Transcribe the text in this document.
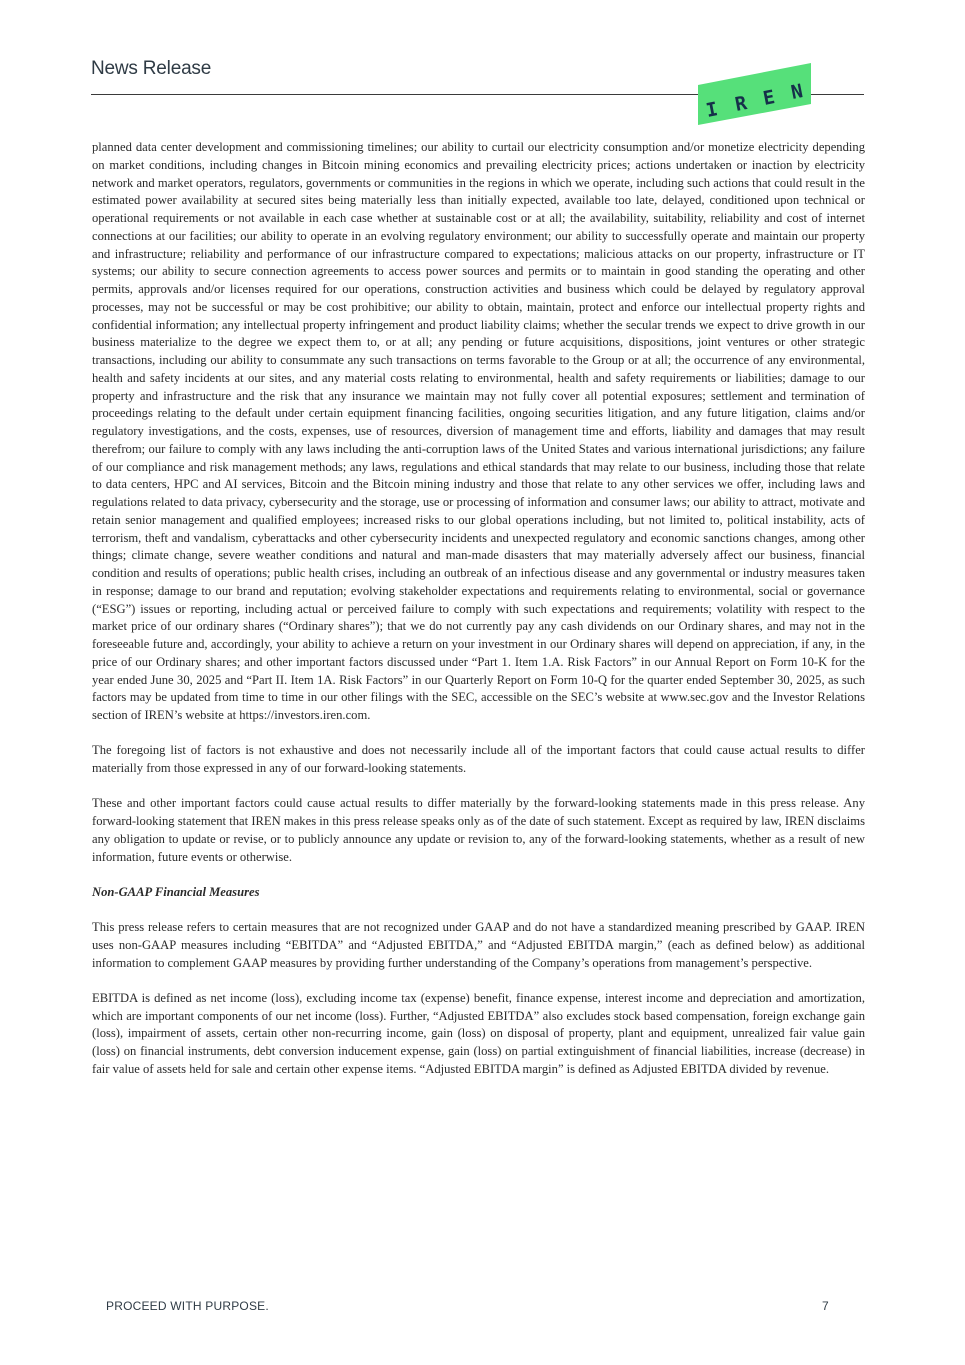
News Release
I R E N

planned data center development and commissioning timelines; our ability to curtail our electricity consumption and/or monetize electricity depending on market conditions, including changes in Bitcoin mining economics and prevailing electricity prices; actions undertaken or inaction by electricity network and market operators, regulators, governments or communities in the regions in which we operate, including such actions that could result in the estimated power availability at secured sites being materially less than initially expected, available too late, delayed, conditioned upon technical or operational requirements or not available in each case whether at sustainable cost or at all; the availability, suitability, reliability and cost of internet connections at our facilities; our ability to operate in an evolving regulatory environment; our ability to successfully operate and maintain our property and infrastructure; reliability and performance of our infrastructure compared to expectations; malicious attacks on our property, infrastructure or IT systems; our ability to secure connection agreements to access power sources and permits or to maintain in good standing the operating and other permits, approvals and/or licenses required for our operations, construction activities and business which could be delayed by regulatory approval processes, may not be successful or may be cost prohibitive; our ability to obtain, maintain, protect and enforce our intellectual property rights and confidential information; any intellectual property infringement and product liability claims; whether the secular trends we expect to drive growth in our business materialize to the degree we expect them to, or at all; any pending or future acquisitions, dispositions, joint ventures or other strategic transactions, including our ability to consummate any such transactions on terms favorable to the Group or at all; the occurrence of any environmental, health and safety incidents at our sites, and any material costs relating to environmental, health and safety requirements or liabilities; damage to our property and infrastructure and the risk that any insurance we maintain may not fully cover all potential exposures; settlement and termination of proceedings relating to the default under certain equipment financing facilities, ongoing securities litigation, and any future litigation, claims and/or regulatory investigations, and the costs, expenses, use of resources, diversion of management time and efforts, liability and damages that may result therefrom; our failure to comply with any laws including the anti-corruption laws of the United States and various international jurisdictions; any failure of our compliance and risk management methods; any laws, regulations and ethical standards that may relate to our business, including those that relate to data centers, HPC and AI services, Bitcoin and the Bitcoin mining industry and those that relate to any other services we offer, including laws and regulations related to data privacy, cybersecurity and the storage, use or processing of information and consumer laws; our ability to attract, motivate and retain senior management and qualified employees; increased risks to our global operations including, but not limited to, political instability, acts of terrorism, theft and vandalism, cyberattacks and other cybersecurity incidents and unexpected regulatory and economic sanctions changes, among other things; climate change, severe weather conditions and natural and man-made disasters that may materially adversely affect our business, financial condition and results of operations; public health crises, including an outbreak of an infectious disease and any governmental or industry measures taken in response; damage to our brand and reputation; evolving stakeholder expectations and requirements relating to environmental, social or governance (“ESG”) issues or reporting, including actual or perceived failure to comply with such expectations and requirements; volatility with respect to the market price of our ordinary shares (“Ordinary shares”); that we do not currently pay any cash dividends on our Ordinary shares, and may not in the foreseeable future and, accordingly, your ability to achieve a return on your investment in our Ordinary shares will depend on appreciation, if any, in the price of our Ordinary shares; and other important factors discussed under “Part 1. Item 1.A. Risk Factors” in our Annual Report on Form 10-K for the year ended June 30, 2025 and “Part II. Item 1A. Risk Factors” in our Quarterly Report on Form 10-Q for the quarter ended September 30, 2025, as such factors may be updated from time to time in our other filings with the SEC, accessible on the SEC’s website at www.sec.gov and the Investor Relations section of IREN’s website at https://investors.iren.com.

The foregoing list of factors is not exhaustive and does not necessarily include all of the important factors that could cause actual results to differ materially from those expressed in any of our forward-looking statements.

These and other important factors could cause actual results to differ materially by the forward-looking statements made in this press release. Any forward-looking statement that IREN makes in this press release speaks only as of the date of such statement. Except as required by law, IREN disclaims any obligation to update or revise, or to publicly announce any update or revision to, any of the forward-looking statements, whether as a result of new information, future events or otherwise.

Non-GAAP Financial Measures

This press release refers to certain measures that are not recognized under GAAP and do not have a standardized meaning prescribed by GAAP. IREN uses non-GAAP measures including “EBITDA” and “Adjusted EBITDA,” and “Adjusted EBITDA margin,” (each as defined below) as additional information to complement GAAP measures by providing further understanding of the Company’s operations from management’s perspective.

EBITDA is defined as net income (loss), excluding income tax (expense) benefit, finance expense, interest income and depreciation and amortization, which are important components of our net income (loss). Further, “Adjusted EBITDA” also excludes stock based compensation, foreign exchange gain (loss), impairment of assets, certain other non-recurring income, gain (loss) on disposal of property, plant and equipment, unrealized fair value gain (loss) on financial instruments, debt conversion inducement expense, gain (loss) on partial extinguishment of financial liabilities, increase (decrease) in fair value of assets held for sale and certain other expense items. “Adjusted EBITDA margin” is defined as Adjusted EBITDA divided by revenue.

PROCEED WITH PURPOSE.	7
